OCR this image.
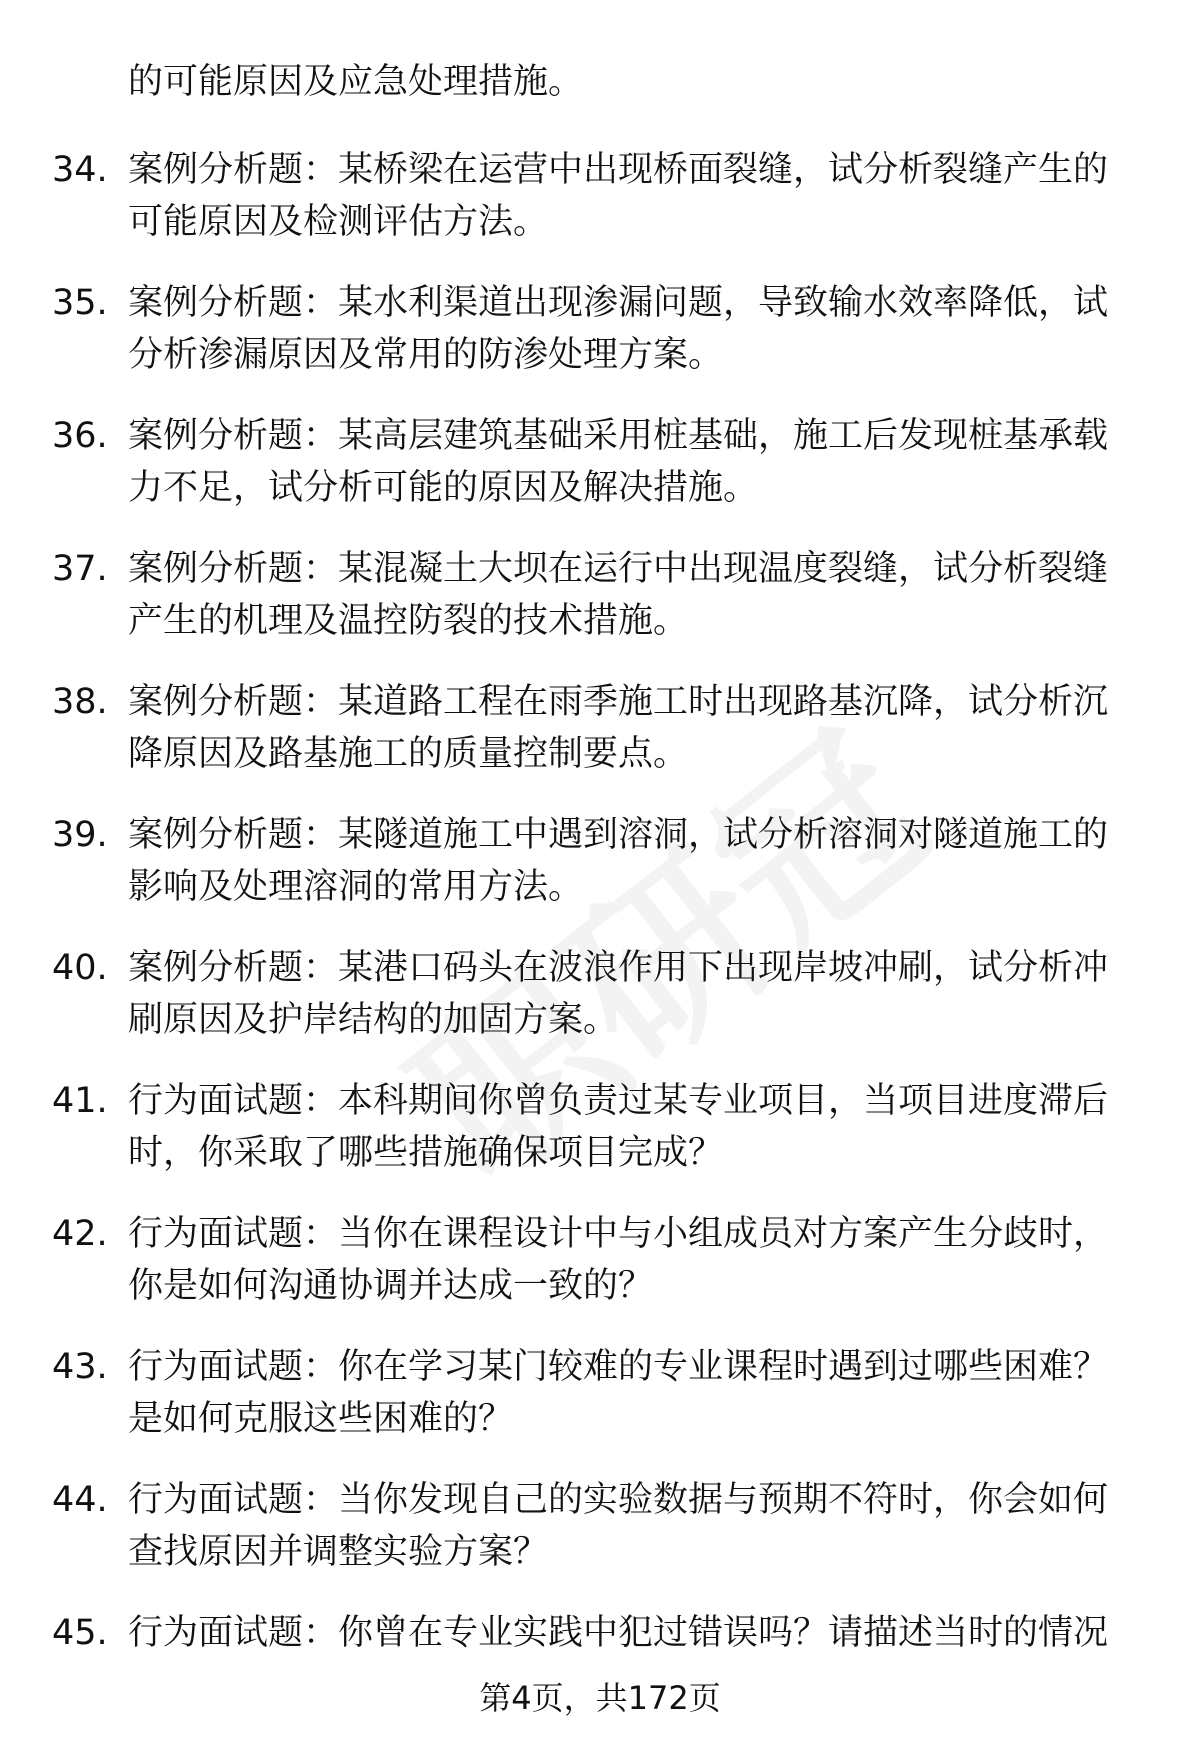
的可能原因及应急处理措施。
34. 案例分析题：某桥梁在运营中出现桥面裂缝，试分析裂缝产生的可能原因及检测评估方法。
35. 案例分析题：某水利渠道出现渗漏问题，导致输水效率降低，试分析渗漏原因及常用的防渗处理方案。
36. 案例分析题：某高层建筑基础采用桩基础，施工后发现桩基承载力不足，试分析可能的原因及解决措施。
37. 案例分析题：某混凝土大坝在运行中出现温度裂缝，试分析裂缝产生的机理及温控防裂的技术措施。
38. 案例分析题：某道路工程在雨季施工时出现路基沉降，试分析沉降原因及路基施工的质量控制要点。
39. 案例分析题：某隧道施工中遇到溶洞，试分析溶洞对隧道施工的影响及处理溶洞的常用方法。
40. 案例分析题：某港口码头在波浪作用下出现岸坡冲刷，试分析冲刷原因及护岸结构的加固方案。
41. 行为面试题：本科期间你曾负责过某专业项目，当项目进度滞后时，你采取了哪些措施确保项目完成？
42. 行为面试题：当你在课程设计中与小组成员对方案产生分歧时，你是如何沟通协调并达成一致的？
43. 行为面试题：你在学习某门较难的专业课程时遇到过哪些困难？是如何克服这些困难的？
44. 行为面试题：当你发现自己的实验数据与预期不符时，你会如何查找原因并调整实验方案？
45. 行为面试题：你曾在专业实践中犯过错误吗？请描述当时的情况
第4页，共172页
